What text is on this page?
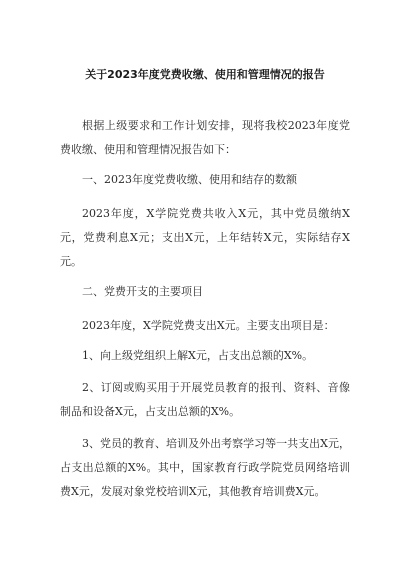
关于2023年度党费收缴、使用和管理情况的报告

根据上级要求和工作计划安排，现将我校2023年度党费收缴、使用和管理情况报告如下：

一、2023年度党费收缴、使用和结存的数额

2023年度，X学院党费共收入X元，其中党员缴纳X元，党费利息X元；支出X元，上年结转X元，实际结存X元。

二、党费开支的主要项目

2023年度，X学院党费支出X元。主要支出项目是：

1、向上级党组织上解X元，占支出总额的X%。

2、订阅或购买用于开展党员教育的报刊、资料、音像制品和设备X元，占支出总额的X%。

3、党员的教育、培训及外出考察学习等一共支出X元，占支出总额的X%。其中，国家教育行政学院党员网络培训费X元，发展对象党校培训X元，其他教育培训费X元。
